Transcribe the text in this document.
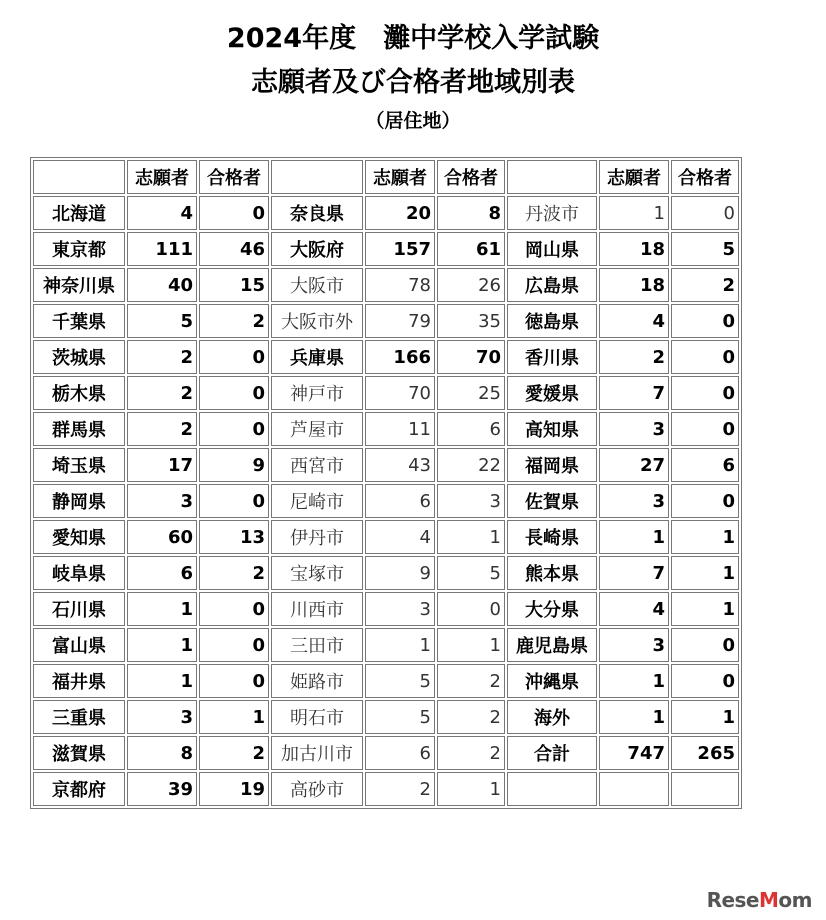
2024年度　灘中学校入学試験
志願者及び合格者地域別表
（居住地）
	志願者	合格者		志願者	合格者		志願者	合格者
北海道	4	0	奈良県	20	8	丹波市	1	0
東京都	111	46	大阪府	157	61	岡山県	18	5
神奈川県	40	15	大阪市	78	26	広島県	18	2
千葉県	5	2	大阪市外	79	35	徳島県	4	0
茨城県	2	0	兵庫県	166	70	香川県	2	0
栃木県	2	0	神戸市	70	25	愛媛県	7	0
群馬県	2	0	芦屋市	11	6	高知県	3	0
埼玉県	17	9	西宮市	43	22	福岡県	27	6
静岡県	3	0	尼崎市	6	3	佐賀県	3	0
愛知県	60	13	伊丹市	4	1	長崎県	1	1
岐阜県	6	2	宝塚市	9	5	熊本県	7	1
石川県	1	0	川西市	3	0	大分県	4	1
富山県	1	0	三田市	1	1	鹿児島県	3	0
福井県	1	0	姫路市	5	2	沖縄県	1	0
三重県	3	1	明石市	5	2	海外	1	1
滋賀県	8	2	加古川市	6	2	合計	747	265
京都府	39	19	高砂市	2	1			
ReseMom
